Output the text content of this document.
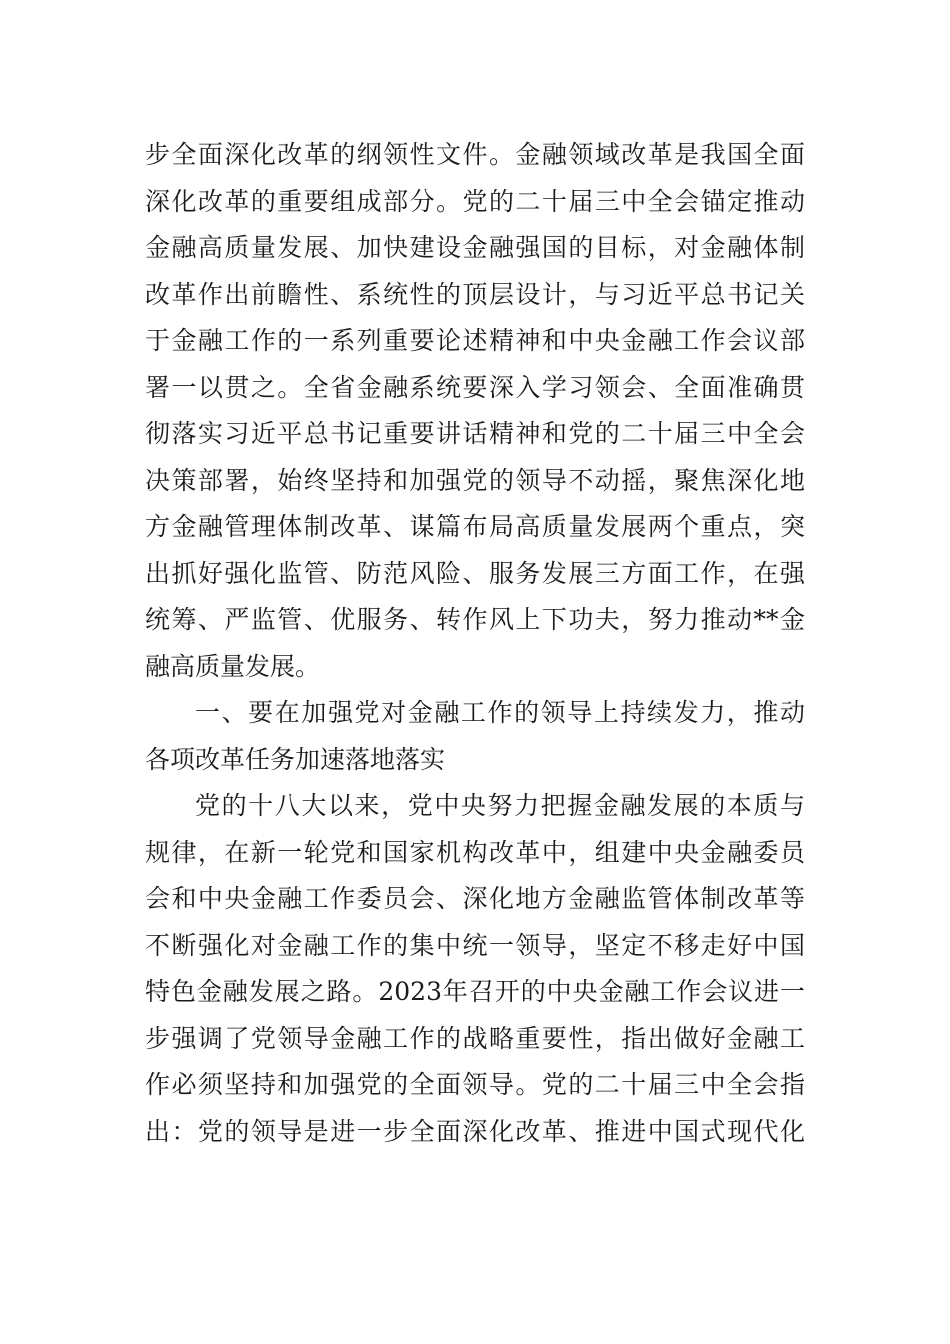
步全面深化改革的纲领性文件。金融领域改革是我国全面
深化改革的重要组成部分。党的二十届三中全会锚定推动
金融高质量发展、加快建设金融强国的目标，对金融体制
改革作出前瞻性、系统性的顶层设计，与习近平总书记关
于金融工作的一系列重要论述精神和中央金融工作会议部
署一以贯之。全省金融系统要深入学习领会、全面准确贯
彻落实习近平总书记重要讲话精神和党的二十届三中全会
决策部署，始终坚持和加强党的领导不动摇，聚焦深化地
方金融管理体制改革、谋篇布局高质量发展两个重点，突
出抓好强化监管、防范风险、服务发展三方面工作，在强
统筹、严监管、优服务、转作风上下功夫，努力推动**金
融高质量发展。
一、要在加强党对金融工作的领导上持续发力，推动
各项改革任务加速落地落实
党的十八大以来，党中央努力把握金融发展的本质与
规律，在新一轮党和国家机构改革中，组建中央金融委员
会和中央金融工作委员会、深化地方金融监管体制改革等
不断强化对金融工作的集中统一领导，坚定不移走好中国
特色金融发展之路。2023年召开的中央金融工作会议进一
步强调了党领导金融工作的战略重要性，指出做好金融工
作必须坚持和加强党的全面领导。党的二十届三中全会指
出：党的领导是进一步全面深化改革、推进中国式现代化
